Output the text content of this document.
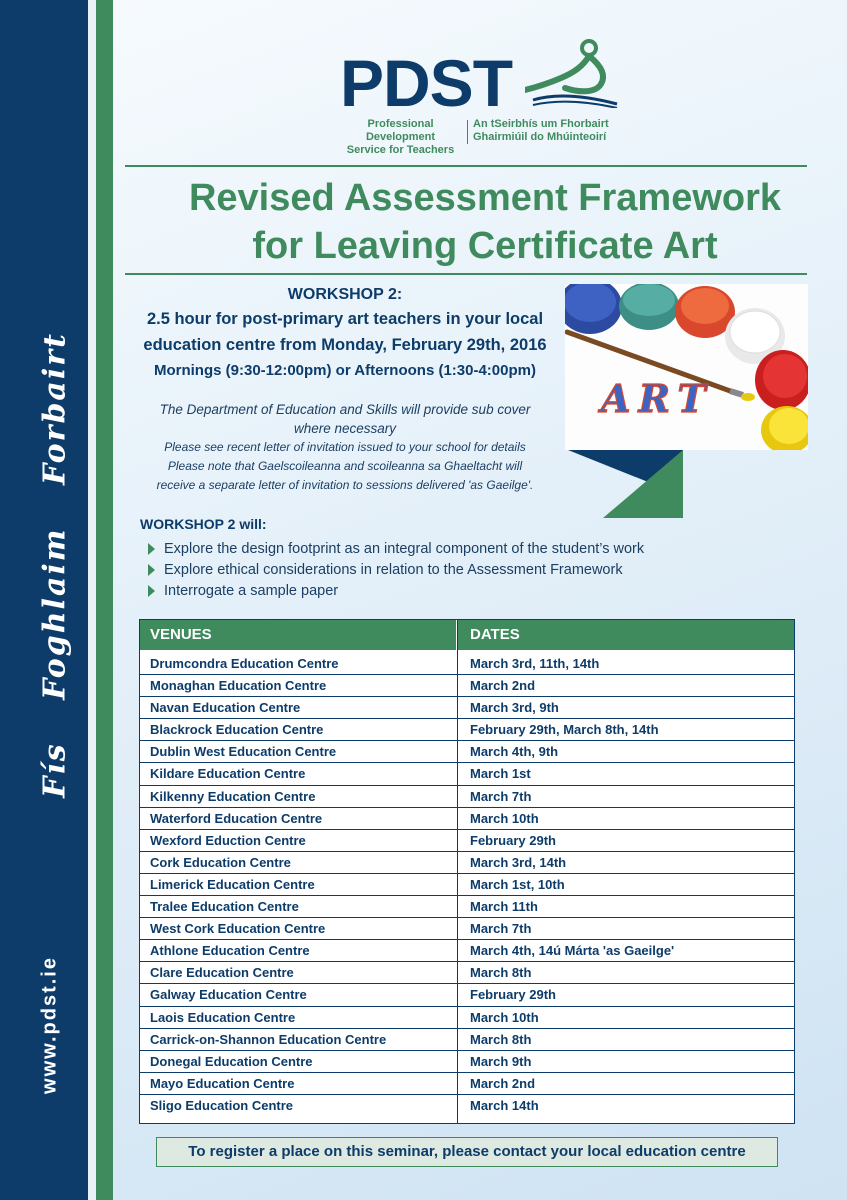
Fís Foghlaim Forbairt
www.pdst.ie
PDST
Professional Development
Service for Teachers
An tSeirbhís um Fhorbairt
Ghairmiúil do Mhúinteoirí
Revised Assessment Framework
for Leaving Certificate Art
WORKSHOP 2:
2.5 hour for post-primary art teachers in your local
education centre from Monday, February 29th, 2016
Mornings (9:30-12:00pm) or Afternoons (1:30-4:00pm)
The Department of Education and Skills will provide sub cover
where necessary
Please see recent letter of invitation issued to your school for details
Please note that Gaelscoileanna and scoileanna sa Ghaeltacht will
receive a separate letter of invitation to sessions delivered 'as Gaeilge'.
ART
WORKSHOP 2 will:
Explore the design footprint as an integral component of the student’s work
Explore ethical considerations in relation to the Assessment Framework
Interrogate a sample paper
VENUES	DATES
Drumcondra Education Centre	March 3rd, 11th, 14th
Monaghan Education Centre	March 2nd
Navan Education Centre	March 3rd, 9th
Blackrock Education Centre	February 29th, March 8th, 14th
Dublin West Education Centre	March 4th, 9th
Kildare Education Centre	March 1st
Kilkenny Education Centre	March 7th
Waterford Education Centre	March 10th
Wexford Eduction Centre	February 29th
Cork Education Centre	March 3rd, 14th
Limerick Education Centre	March 1st, 10th
Tralee Education Centre	March 11th
West Cork Education Centre	March 7th
Athlone Education Centre	March 4th, 14ú Márta 'as Gaeilge'
Clare Education Centre	March 8th
Galway Education Centre	February 29th
Laois Education Centre	March 10th
Carrick-on-Shannon Education Centre	March 8th
Donegal Education Centre	March 9th
Mayo Education Centre	March 2nd
Sligo Education Centre	March 14th
To register a place on this seminar, please contact your local education centre
